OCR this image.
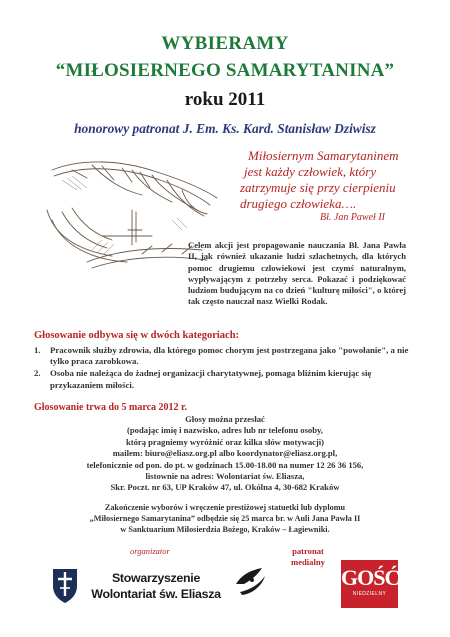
WYBIERAMY
“MIŁOSIERNEGO SAMARYTANINA”
roku 2011
honorowy patronat J. Em. Ks. Kard. Stanisław Dziwisz
Miłosiernym Samarytaninem
jest każdy człowiek, który
zatrzymuje się przy cierpieniu
drugiego człowieka….
Bł. Jan Paweł II
Celem akcji jest propagowanie nauczania Bł. Jana Pawła II, jak również ukazanie ludzi szlachetnych, dla których pomoc drugiemu człowiekowi jest czymś naturalnym, wypływającym z potrzeby serca. Pokazać i podziękować ludziom budującym na co dzień "kulturę miłości", o której tak często nauczał nasz Wielki Rodak.
Głosowanie odbywa się w dwóch kategoriach:
1. Pracownik służby zdrowia, dla którego pomoc chorym jest postrzegana jako "powołanie", a nie tylko praca zarobkowa.
2. Osoba nie należąca do żadnej organizacji charytatywnej, pomaga bliźnim kierując się przykazaniem miłości.
Głosowanie trwa do 5 marca 2012 r.
Głosy można przesłać
(podając imię i nazwisko, adres lub nr telefonu osoby,
którą pragniemy wyróżnić oraz kilka słów motywacji)
mailem: biuro@eliasz.org.pl albo koordynator@eliasz.org.pl,
telefonicznie od pon. do pt. w godzinach 15.00-18.00 na numer 12 26 36 156,
listownie na adres: Wolontariat św. Eliasza,
Skr. Poczt. nr 63, UP Kraków 47, ul. Okólna 4, 30-682 Kraków
Zakończenie wyborów i wręczenie prestiżowej statuetki lub dyplomu
„Miłosiernego Samarytanina” odbędzie się 25 marca br. w Auli Jana Pawła II
w Sanktuarium Miłosierdzia Bożego, Kraków – Łagiewniki.
organizator
Stowarzyszenie
Wolontariat św. Eliasza
patronat
medialny
GOŚĆ
NIEDZIELNY
